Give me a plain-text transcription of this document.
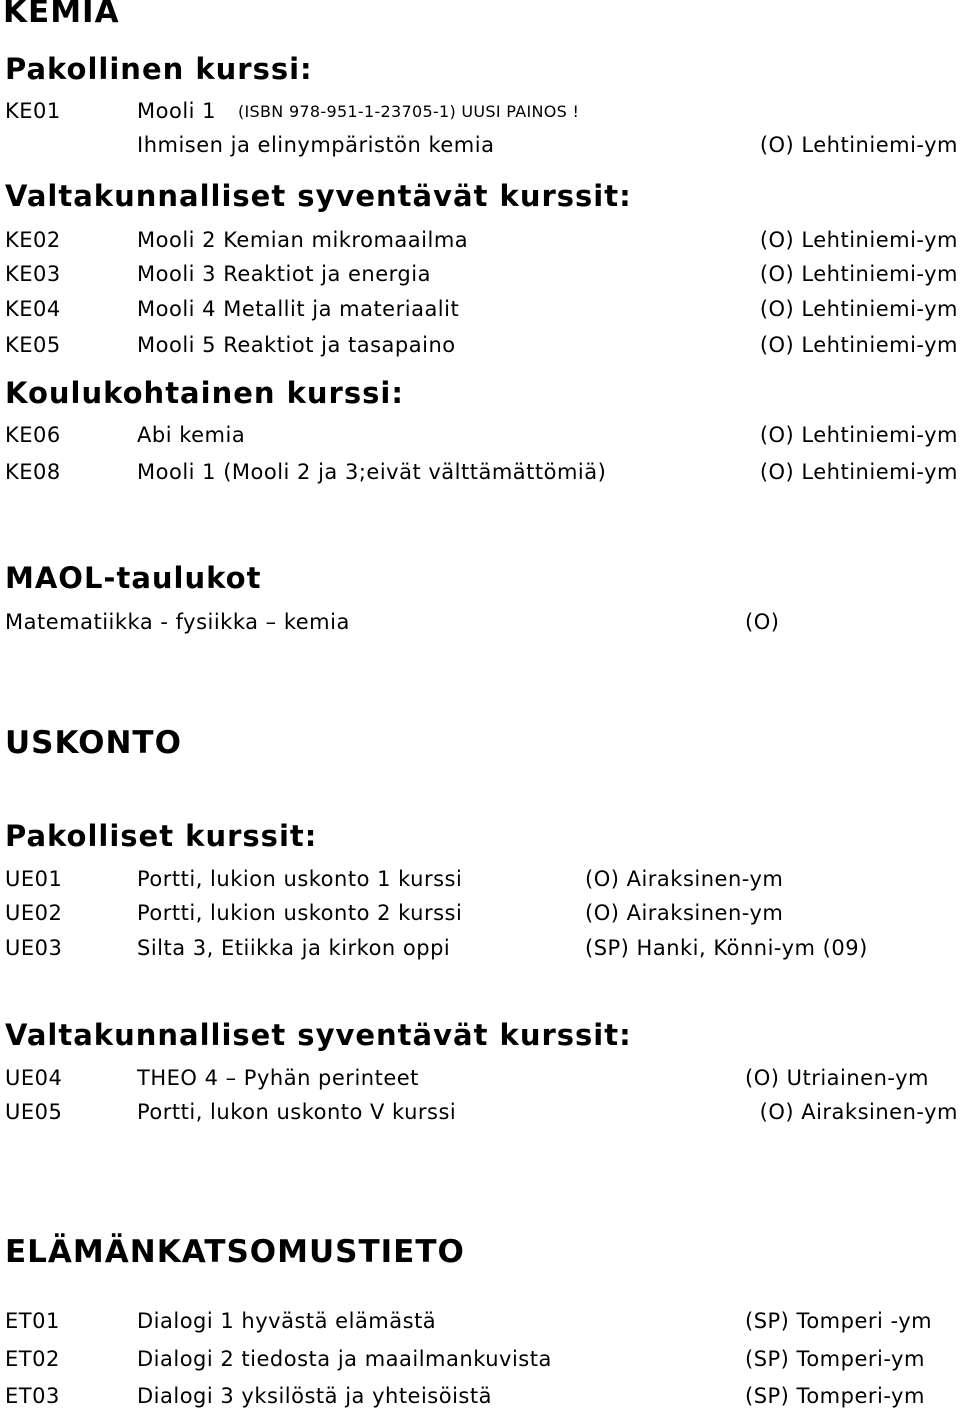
KEMIA
Pakollinen kurssi:
KE01	Mooli 1 (ISBN 978-951-1-23705-1) UUSI PAINOS !
Ihmisen ja elinympäristön kemia	(O) Lehtiniemi-ym
Valtakunnalliset syventävät kurssit:
KE02	Mooli 2 Kemian mikromaailma	(O) Lehtiniemi-ym
KE03	Mooli 3 Reaktiot ja energia	(O) Lehtiniemi-ym
KE04	Mooli 4 Metallit ja materiaalit	(O) Lehtiniemi-ym
KE05	Mooli 5 Reaktiot ja tasapaino	(O) Lehtiniemi-ym
Koulukohtainen kurssi:
KE06	Abi kemia	(O) Lehtiniemi-ym
KE08	Mooli 1 (Mooli 2 ja 3;eivät välttämättömiä)	(O) Lehtiniemi-ym
MAOL-taulukot
Matematiikka - fysiikka – kemia	(O)
USKONTO
Pakolliset kurssit:
UE01	Portti, lukion uskonto 1 kurssi	(O) Airaksinen-ym
UE02	Portti, lukion uskonto 2 kurssi	(O) Airaksinen-ym
UE03	Silta 3, Etiikka ja kirkon oppi	(SP) Hanki, Könni-ym (09)
Valtakunnalliset syventävät kurssit:
UE04	THEO 4 – Pyhän perinteet	(O) Utriainen-ym
UE05	Portti, lukon uskonto V kurssi	(O) Airaksinen-ym
ELÄMÄNKATSOMUSTIETO
ET01	Dialogi 1 hyvästä elämästä	(SP) Tomperi -ym
ET02	Dialogi 2 tiedosta ja maailmankuvista	(SP) Tomperi-ym
ET03	Dialogi 3 yksilöstä ja yhteisöistä	(SP) Tomperi-ym
